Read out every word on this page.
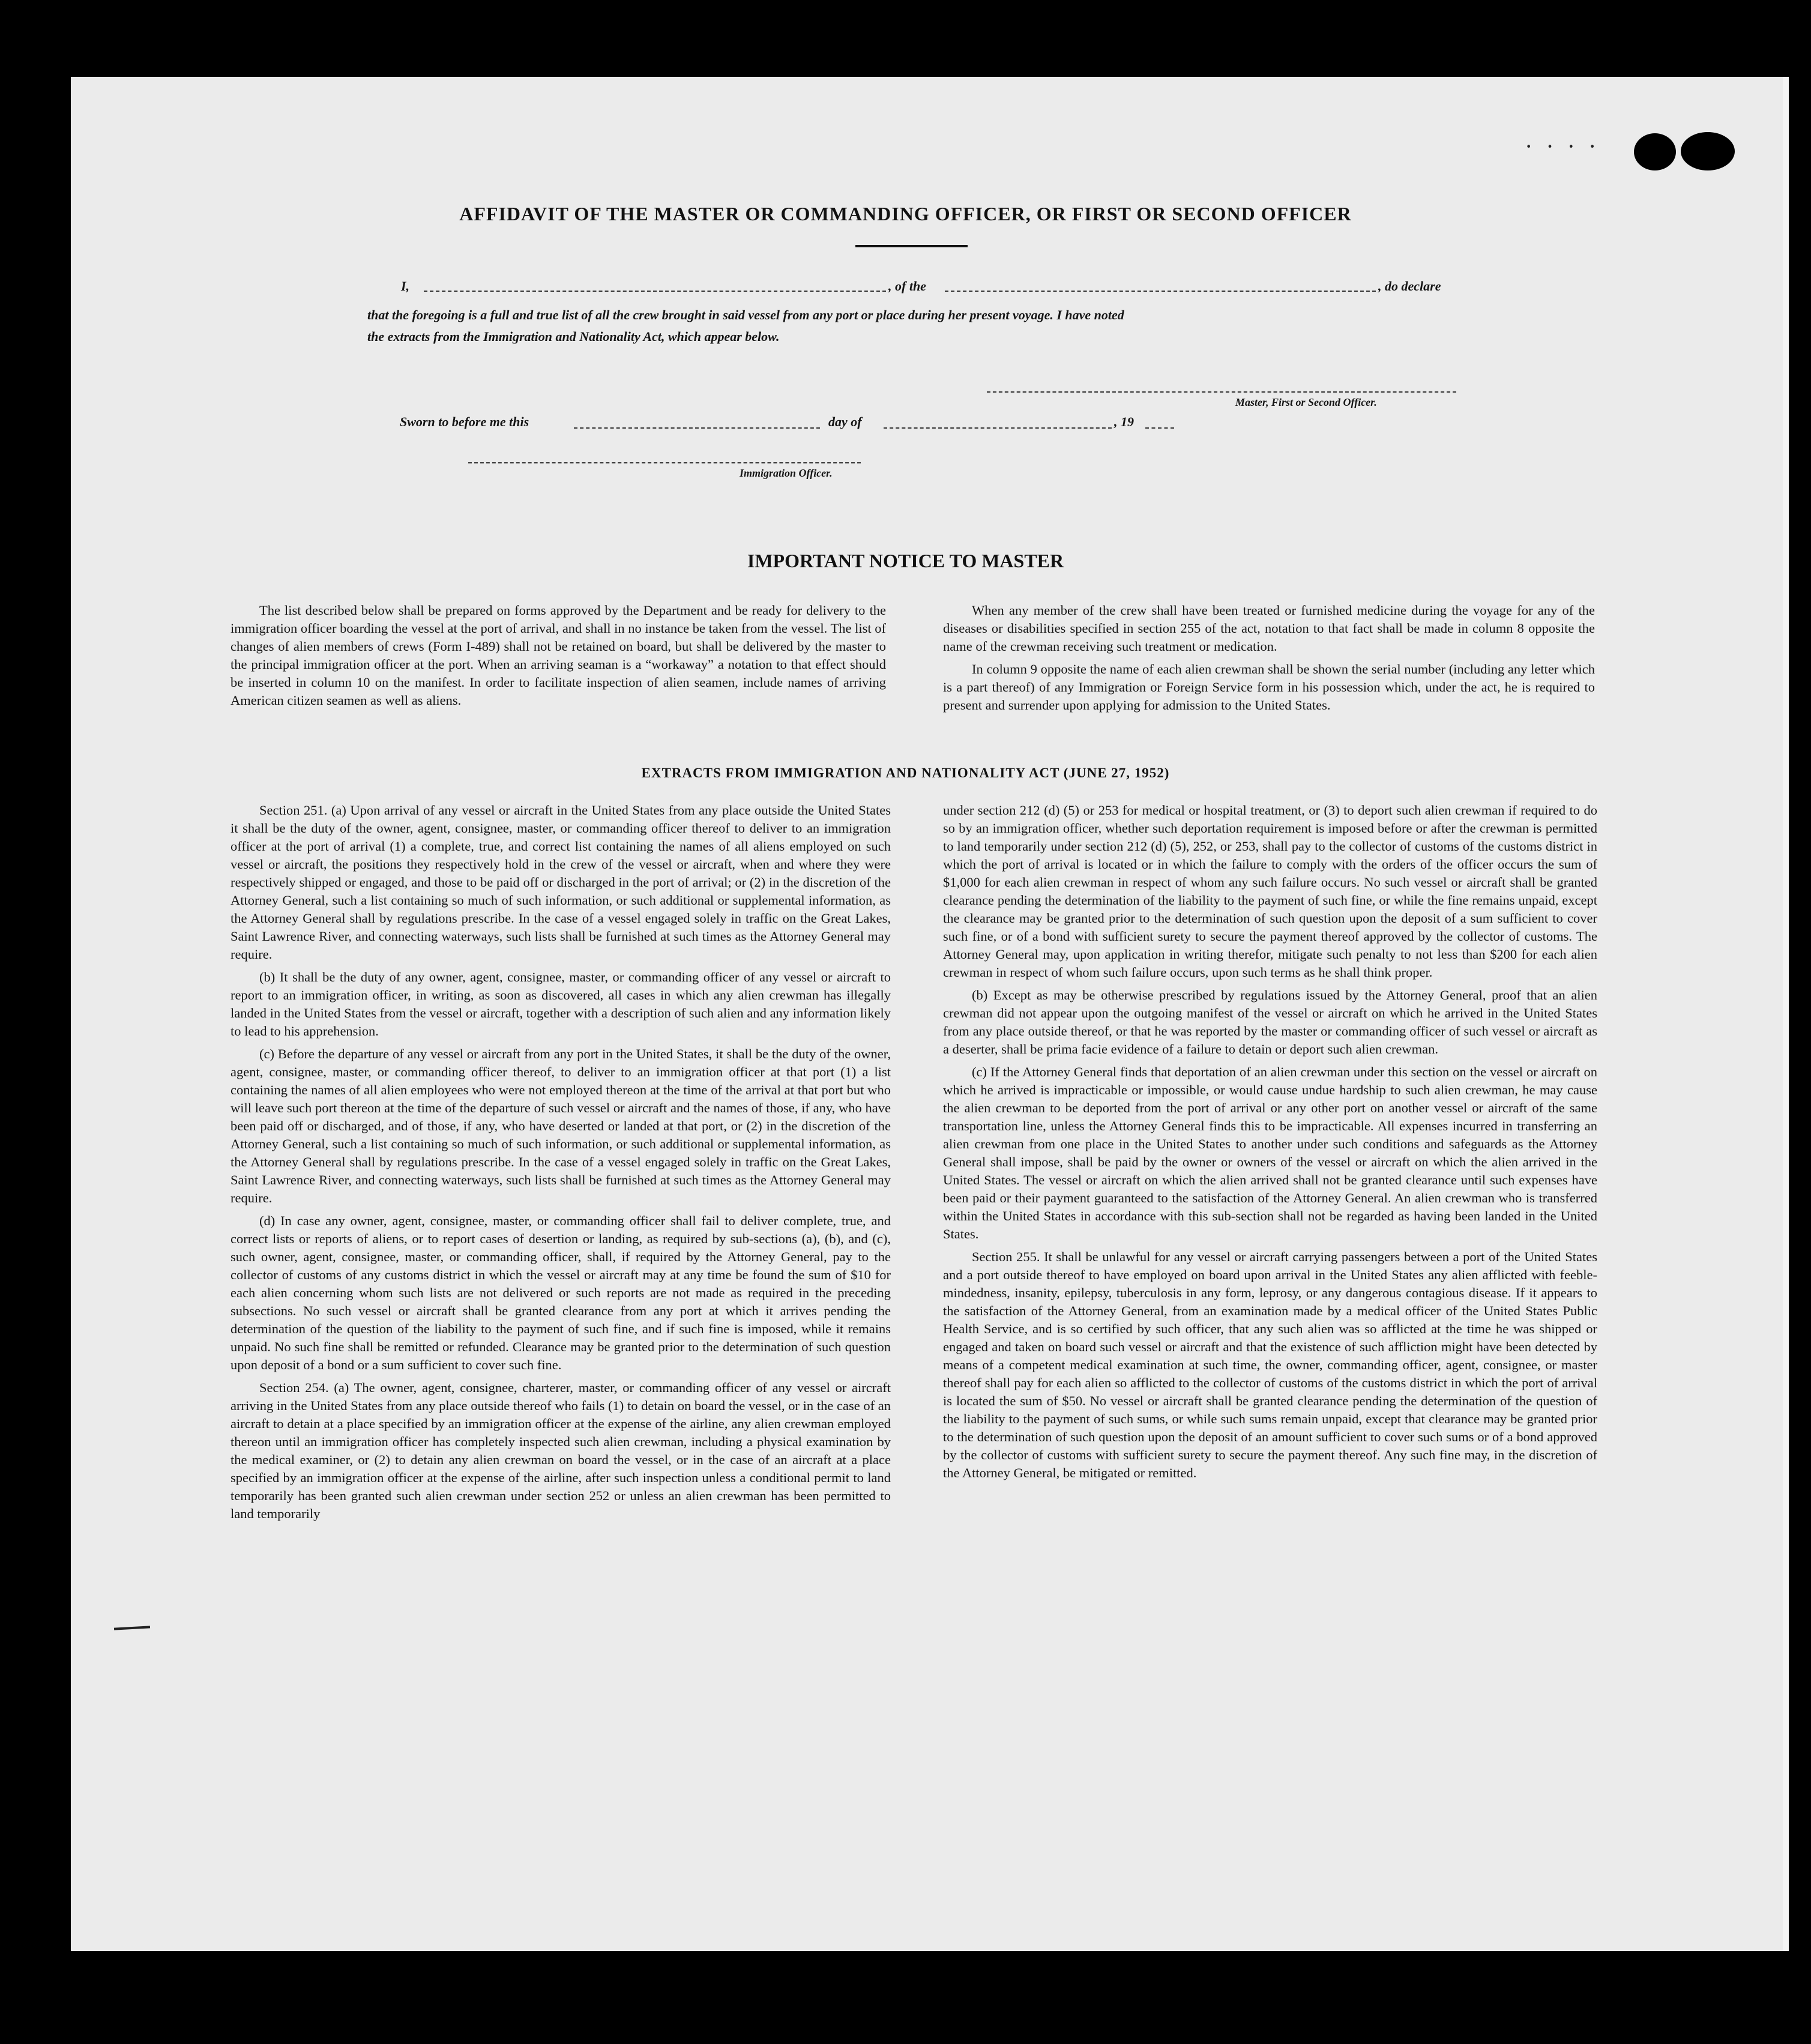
· · · ·
AFFIDAVIT OF THE MASTER OR COMMANDING OFFICER, OR FIRST OR SECOND OFFICER
I,	, of the	, do declare
that the foregoing is a full and true list of all the crew brought in said vessel from any port or place during her present voyage. I have noted
the extracts from the Immigration and Nationality Act, which appear below.
Master, First or Second Officer.
Sworn to before me this	day of	, 19
Immigration Officer.
IMPORTANT NOTICE TO MASTER

The list described below shall be prepared on forms approved by the Department and be ready for delivery to the immigration officer boarding the vessel at the port of arrival, and shall in no instance be taken from the vessel. The list of changes of alien members of crews (Form I-489) shall not be retained on board, but shall be delivered by the master to the principal immigration officer at the port. When an arriving seaman is a “workaway” a notation to that effect should be inserted in column 10 on the manifest. In order to facilitate inspection of alien seamen, include names of arriving American citizen seamen as well as aliens.

When any member of the crew shall have been treated or furnished medicine during the voyage for any of the diseases or disabilities specified in section 255 of the act, notation to that fact shall be made in column 8 opposite the name of the crewman receiving such treatment or medication.

In column 9 opposite the name of each alien crewman shall be shown the serial number (including any letter which is a part thereof) of any Immigration or Foreign Service form in his possession which, under the act, he is required to present and surrender upon applying for admission to the United States.

EXTRACTS FROM IMMIGRATION AND NATIONALITY ACT (JUNE 27, 1952)

Section 251. (a) Upon arrival of any vessel or aircraft in the United States from any place outside the United States it shall be the duty of the owner, agent, consignee, master, or commanding officer thereof to deliver to an immigration officer at the port of arrival (1) a complete, true, and correct list containing the names of all aliens employed on such vessel or aircraft, the positions they respectively hold in the crew of the vessel or aircraft, when and where they were respectively shipped or engaged, and those to be paid off or discharged in the port of arrival; or (2) in the discretion of the Attorney General, such a list containing so much of such information, or such additional or supplemental information, as the Attorney General shall by regulations prescribe. In the case of a vessel engaged solely in traffic on the Great Lakes, Saint Lawrence River, and connecting waterways, such lists shall be furnished at such times as the Attorney General may require.

(b) It shall be the duty of any owner, agent, consignee, master, or commanding officer of any vessel or aircraft to report to an immigration officer, in writing, as soon as discovered, all cases in which any alien crewman has illegally landed in the United States from the vessel or aircraft, together with a description of such alien and any information likely to lead to his apprehension.

(c) Before the departure of any vessel or aircraft from any port in the United States, it shall be the duty of the owner, agent, consignee, master, or commanding officer thereof, to deliver to an immigration officer at that port (1) a list containing the names of all alien employees who were not employed thereon at the time of the arrival at that port but who will leave such port thereon at the time of the departure of such vessel or aircraft and the names of those, if any, who have been paid off or discharged, and of those, if any, who have deserted or landed at that port, or (2) in the discretion of the Attorney General, such a list containing so much of such information, or such additional or supplemental information, as the Attorney General shall by regulations prescribe. In the case of a vessel engaged solely in traffic on the Great Lakes, Saint Lawrence River, and connecting waterways, such lists shall be furnished at such times as the Attorney General may require.

(d) In case any owner, agent, consignee, master, or commanding officer shall fail to deliver complete, true, and correct lists or reports of aliens, or to report cases of desertion or landing, as required by sub-sections (a), (b), and (c), such owner, agent, consignee, master, or commanding officer, shall, if required by the Attorney General, pay to the collector of customs of any customs district in which the vessel or aircraft may at any time be found the sum of $10 for each alien concerning whom such lists are not delivered or such reports are not made as required in the preceding subsections. No such vessel or aircraft shall be granted clearance from any port at which it arrives pending the determination of the question of the liability to the payment of such fine, and if such fine is imposed, while it remains unpaid. No such fine shall be remitted or refunded. Clearance may be granted prior to the determination of such question upon deposit of a bond or a sum sufficient to cover such fine.

Section 254. (a) The owner, agent, consignee, charterer, master, or commanding officer of any vessel or aircraft arriving in the United States from any place outside thereof who fails (1) to detain on board the vessel, or in the case of an aircraft to detain at a place specified by an immigration officer at the expense of the airline, any alien crewman employed thereon until an immigration officer has completely inspected such alien crewman, including a physical examination by the medical examiner, or (2) to detain any alien crewman on board the vessel, or in the case of an aircraft at a place specified by an immigration officer at the expense of the airline, after such inspection unless a conditional permit to land temporarily has been granted such alien crewman under section 252 or unless an alien crewman has been permitted to land temporarily

under section 212 (d) (5) or 253 for medical or hospital treatment, or (3) to deport such alien crewman if required to do so by an immigration officer, whether such deportation requirement is imposed before or after the crewman is permitted to land temporarily under section 212 (d) (5), 252, or 253, shall pay to the collector of customs of the customs district in which the port of arrival is located or in which the failure to comply with the orders of the officer occurs the sum of $1,000 for each alien crewman in respect of whom any such failure occurs. No such vessel or aircraft shall be granted clearance pending the determination of the liability to the payment of such fine, or while the fine remains unpaid, except the clearance may be granted prior to the determination of such question upon the deposit of a sum sufficient to cover such fine, or of a bond with sufficient surety to secure the payment thereof approved by the collector of customs. The Attorney General may, upon application in writing therefor, mitigate such penalty to not less than $200 for each alien crewman in respect of whom such failure occurs, upon such terms as he shall think proper.

(b) Except as may be otherwise prescribed by regulations issued by the Attorney General, proof that an alien crewman did not appear upon the outgoing manifest of the vessel or aircraft on which he arrived in the United States from any place outside thereof, or that he was reported by the master or commanding officer of such vessel or aircraft as a deserter, shall be prima facie evidence of a failure to detain or deport such alien crewman.

(c) If the Attorney General finds that deportation of an alien crewman under this section on the vessel or aircraft on which he arrived is impracticable or impossible, or would cause undue hardship to such alien crewman, he may cause the alien crewman to be deported from the port of arrival or any other port on another vessel or aircraft of the same transportation line, unless the Attorney General finds this to be impracticable. All expenses incurred in transferring an alien crewman from one place in the United States to another under such conditions and safeguards as the Attorney General shall impose, shall be paid by the owner or owners of the vessel or aircraft on which the alien arrived in the United States. The vessel or aircraft on which the alien arrived shall not be granted clearance until such expenses have been paid or their payment guaranteed to the satisfaction of the Attorney General. An alien crewman who is transferred within the United States in accordance with this sub-section shall not be regarded as having been landed in the United States.

Section 255. It shall be unlawful for any vessel or aircraft carrying passengers between a port of the United States and a port outside thereof to have employed on board upon arrival in the United States any alien afflicted with feeble-mindedness, insanity, epilepsy, tuberculosis in any form, leprosy, or any dangerous contagious disease. If it appears to the satisfaction of the Attorney General, from an examination made by a medical officer of the United States Public Health Service, and is so certified by such officer, that any such alien was so afflicted at the time he was shipped or engaged and taken on board such vessel or aircraft and that the existence of such affliction might have been detected by means of a competent medical examination at such time, the owner, commanding officer, agent, consignee, or master thereof shall pay for each alien so afflicted to the collector of customs of the customs district in which the port of arrival is located the sum of $50. No vessel or aircraft shall be granted clearance pending the determination of the question of the liability to the payment of such sums, or while such sums remain unpaid, except that clearance may be granted prior to the determination of such question upon the deposit of an amount sufficient to cover such sums or of a bond approved by the collector of customs with sufficient surety to secure the payment thereof. Any such fine may, in the discretion of the Attorney General, be mitigated or remitted.
